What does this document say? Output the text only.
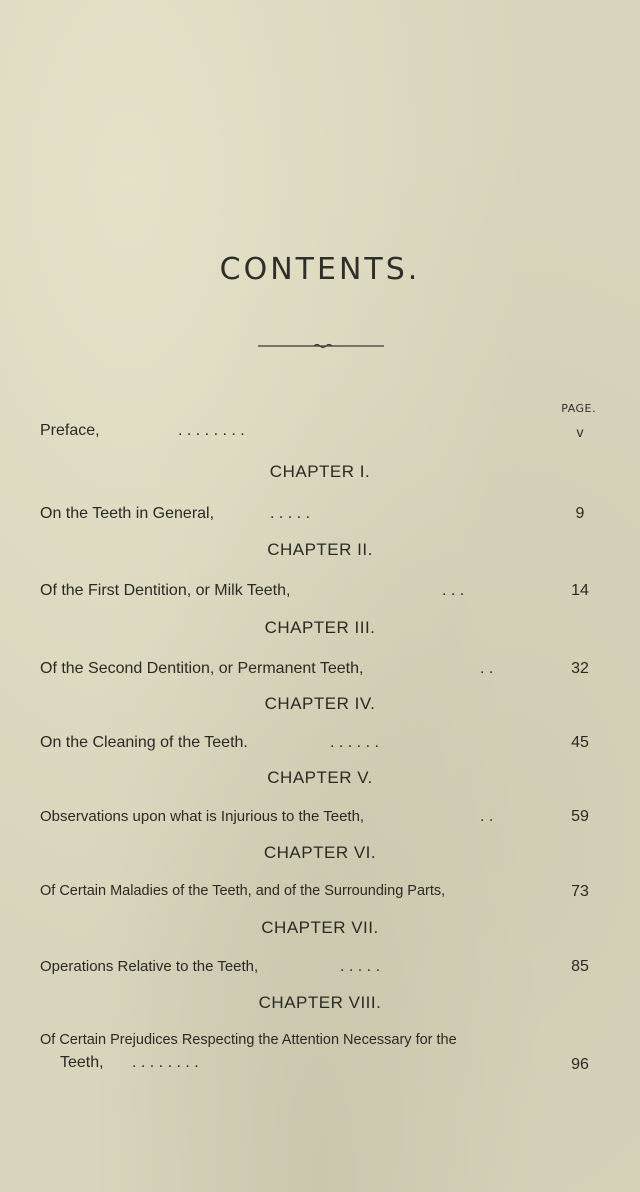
CONTENTS.
PAGE.
Preface,	. . . . . . . .	v
CHAPTER I.
On the Teeth in General,	. . . . .	9
CHAPTER II.
Of the First Dentition, or Milk Teeth,	. . .	14
CHAPTER III.
Of the Second Dentition, or Permanent Teeth,	. .	32
CHAPTER IV.
On the Cleaning of the Teeth.	. . . . . .	45
CHAPTER V.
Observations upon what is Injurious to the Teeth,	. .	59
CHAPTER VI.
Of Certain Maladies of the Teeth, and of the Surrounding Parts,	73
CHAPTER VII.
Operations Relative to the Teeth,	. . . . .	85
CHAPTER VIII.
Of Certain Prejudices Respecting the Attention Necessary for the
Teeth, . . . . . . . .	96
